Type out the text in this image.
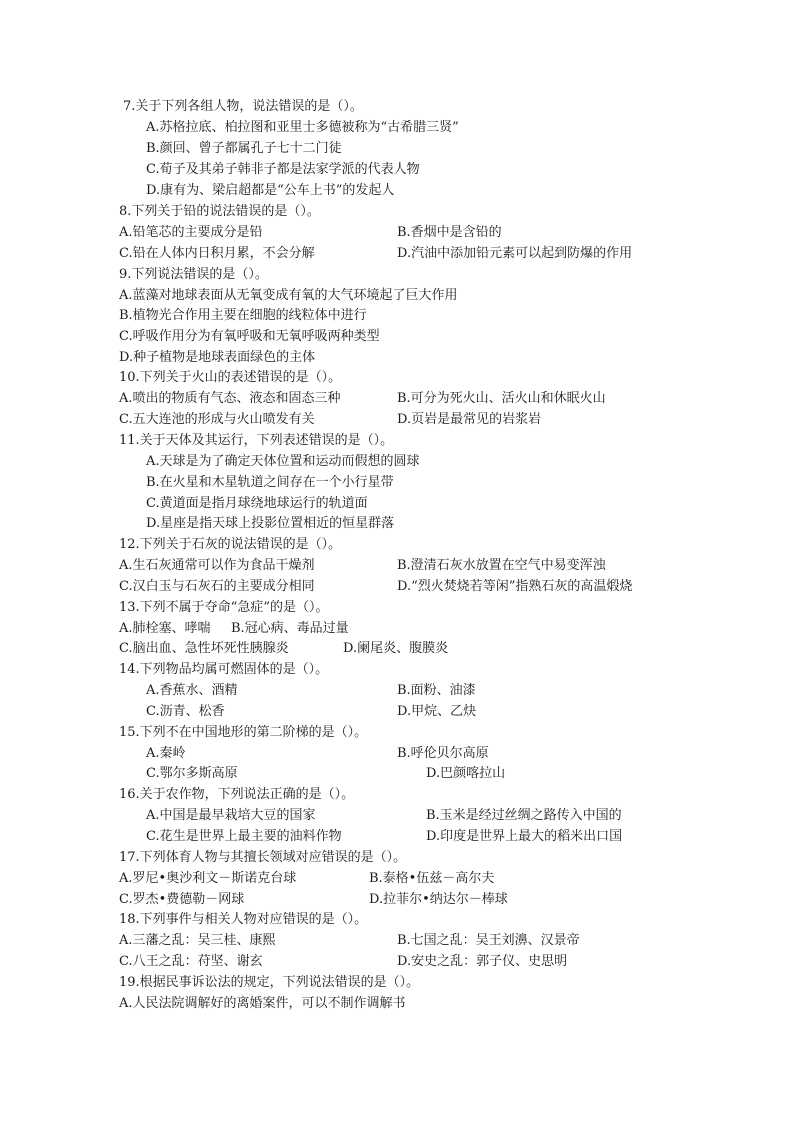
7.关于下列各组人物，说法错误的是（）。
A.苏格拉底、柏拉图和亚里士多德被称为“古希腊三贤”
B.颜回、曾子都属孔子七十二门徒
C.荀子及其弟子韩非子都是法家学派的代表人物
D.康有为、梁启超都是“公车上书”的发起人
8.下列关于铅的说法错误的是（）。
A.铅笔芯的主要成分是铅	B.香烟中是含铅的
C.铅在人体内日积月累，不会分解	D.汽油中添加铅元素可以起到防爆的作用
9.下列说法错误的是（）。
A.蓝藻对地球表面从无氧变成有氧的大气环境起了巨大作用
B.植物光合作用主要在细胞的线粒体中进行
C.呼吸作用分为有氧呼吸和无氧呼吸两种类型
D.种子植物是地球表面绿色的主体
10.下列关于火山的表述错误的是（）。
A.喷出的物质有气态、液态和固态三种	B.可分为死火山、活火山和休眠火山
C.五大连池的形成与火山喷发有关	D.页岩是最常见的岩浆岩
11.关于天体及其运行，下列表述错误的是（）。
A.天球是为了确定天体位置和运动而假想的圆球
B.在火星和木星轨道之间存在一个小行星带
C.黄道面是指月球绕地球运行的轨道面
D.星座是指天球上投影位置相近的恒星群落
12.下列关于石灰的说法错误的是（）。
A.生石灰通常可以作为食品干燥剂	B.澄清石灰水放置在空气中易变浑浊
C.汉白玉与石灰石的主要成分相同	D.“烈火焚烧若等闲”指熟石灰的高温煅烧
13.下列不属于夺命“急症”的是（）。
A.肺栓塞、哮喘 B.冠心病、毒品过量
C.脑出血、急性坏死性胰腺炎	D.阑尾炎、腹膜炎
14.下列物品均属可燃固体的是（）。
A.香蕉水、酒精	B.面粉、油漆
C.沥青、松香	D.甲烷、乙炔
15.下列不在中国地形的第二阶梯的是（）。
A.秦岭	B.呼伦贝尔高原
C.鄂尔多斯高原	D.巴颜喀拉山
16.关于农作物，下列说法正确的是（）。
A.中国是最早栽培大豆的国家	B.玉米是经过丝绸之路传入中国的
C.花生是世界上最主要的油料作物	D.印度是世界上最大的稻米出口国
17.下列体育人物与其擅长领域对应错误的是（）。
A.罗尼•奥沙利文－斯诺克台球	B.泰格•伍兹－高尔夫
C.罗杰•费德勒－网球	D.拉菲尔•纳达尔－棒球
18.下列事件与相关人物对应错误的是（）。
A.三藩之乱：吴三桂、康熙	B.七国之乱：吴王刘濞、汉景帝
C.八王之乱：苻坚、谢玄	D.安史之乱：郭子仪、史思明
19.根据民事诉讼法的规定，下列说法错误的是（）。
A.人民法院调解好的离婚案件，可以不制作调解书
